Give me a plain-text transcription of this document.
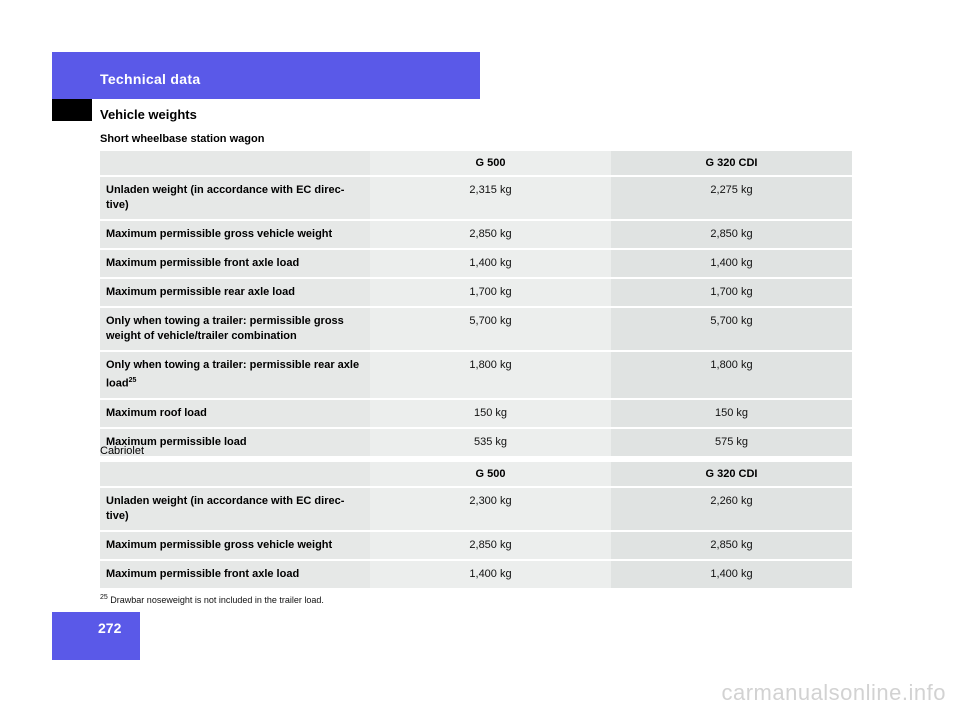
Technical data
Vehicle weights
Short wheelbase station wagon
	G 500	G 320 CDI
Unladen weight (in accordance with EC direc-
tive)	2,315 kg	2,275 kg
Maximum permissible gross vehicle weight	2,850 kg	2,850 kg
Maximum permissible front axle load	1,400 kg	1,400 kg
Maximum permissible rear axle load	1,700 kg	1,700 kg
Only when towing a trailer: permissible gross weight of vehicle/trailer combination	5,700 kg	5,700 kg
Only when towing a trailer: permissible rear axle load$^{25}$	1,800 kg	1,800 kg
Maximum roof load	150 kg	150 kg
Maximum permissible load	535 kg	575 kg
Cabriolet
	G 500	G 320 CDI
Unladen weight (in accordance with EC direc-
tive)	2,300 kg	2,260 kg
Maximum permissible gross vehicle weight	2,850 kg	2,850 kg
Maximum permissible front axle load	1,400 kg	1,400 kg
$^{25}$ Drawbar noseweight is not included in the trailer load.
272
carmanualsonline.info
